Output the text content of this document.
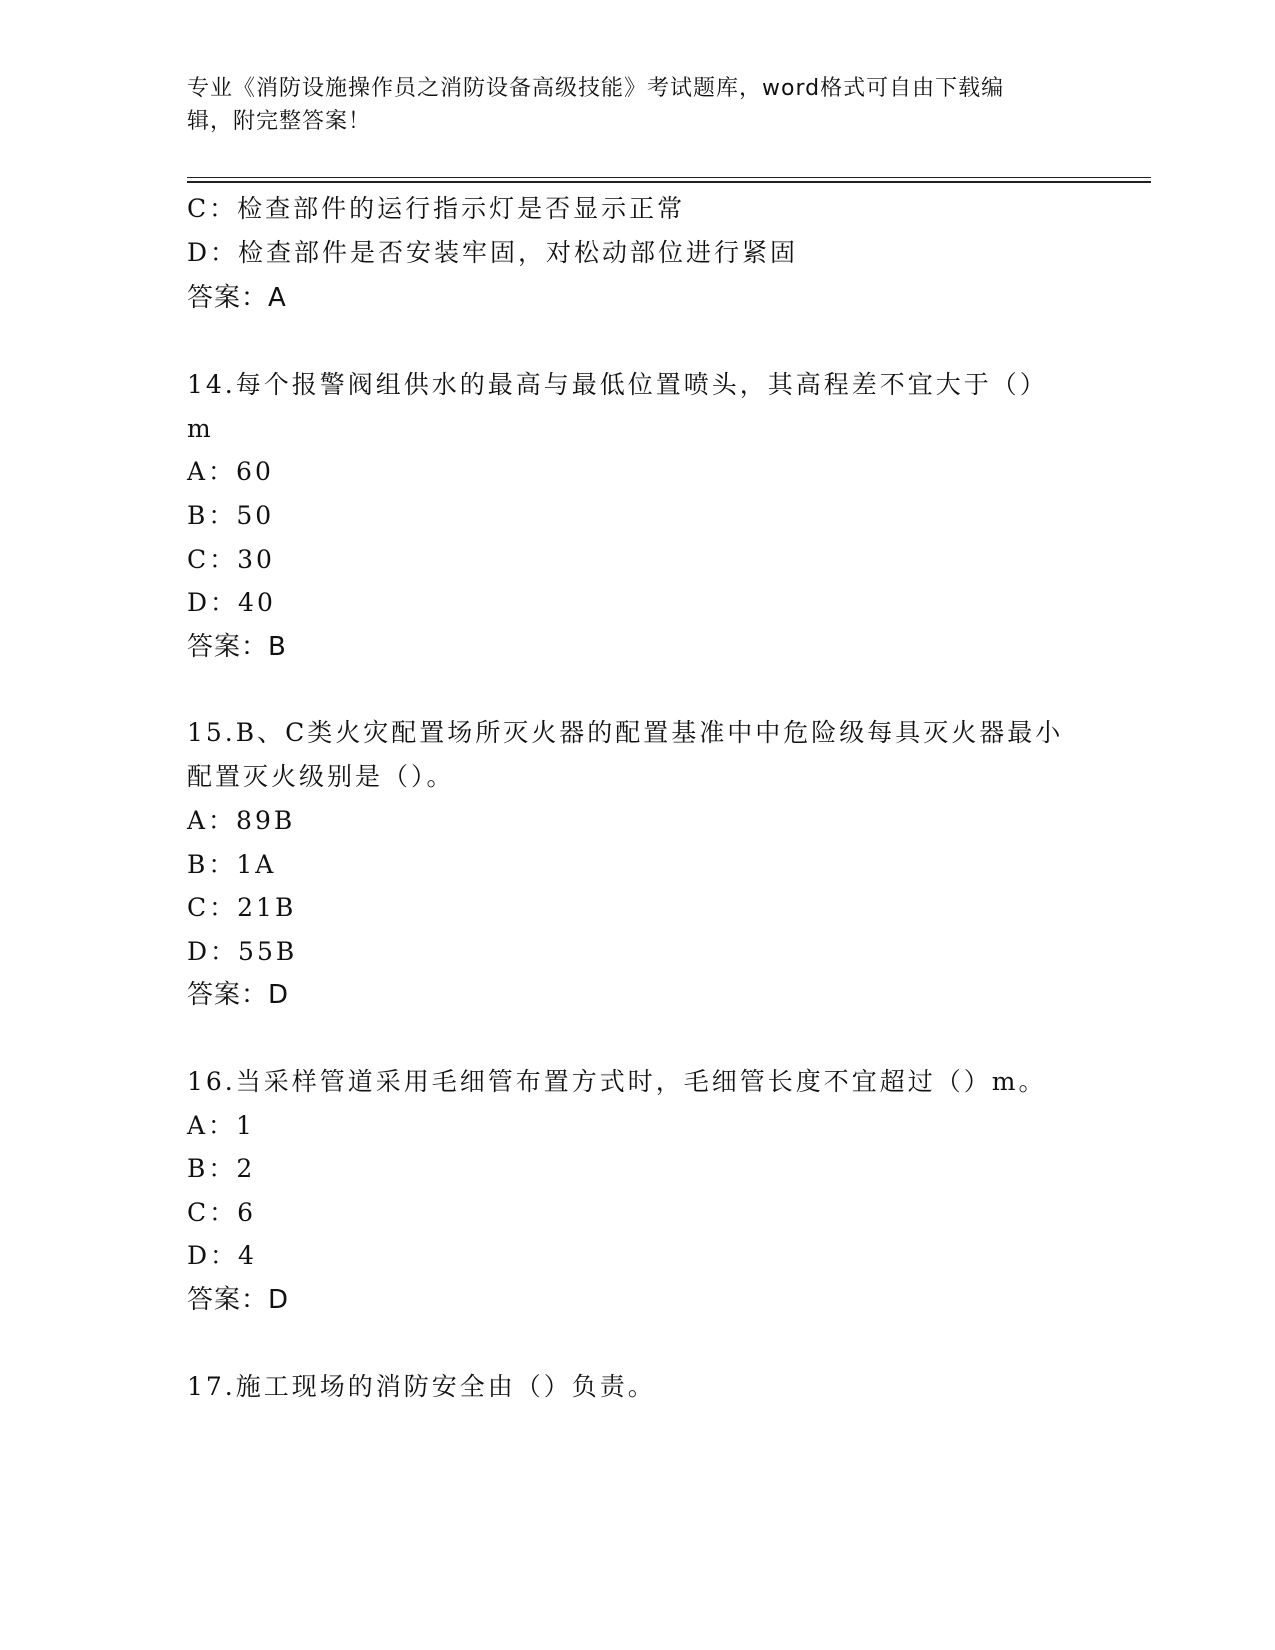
专业《消防设施操作员之消防设备高级技能》考试题库，word格式可自由下载编
辑，附完整答案！
C：检查部件的运行指示灯是否显示正常
D：检查部件是否安装牢固，对松动部位进行紧固
答案：A
14.每个报警阀组供水的最高与最低位置喷头，其高程差不宜大于（）
m
A：60
B：50
C：30
D：40
答案：B
15.B、C类火灾配置场所灭火器的配置基准中中危险级每具灭火器最小
配置灭火级别是（）。
A：89B
B：1A
C：21B
D：55B
答案：D
16.当采样管道采用毛细管布置方式时，毛细管长度不宜超过（）m。
A：1
B：2
C：6
D：4
答案：D
17.施工现场的消防安全由（）负责。
